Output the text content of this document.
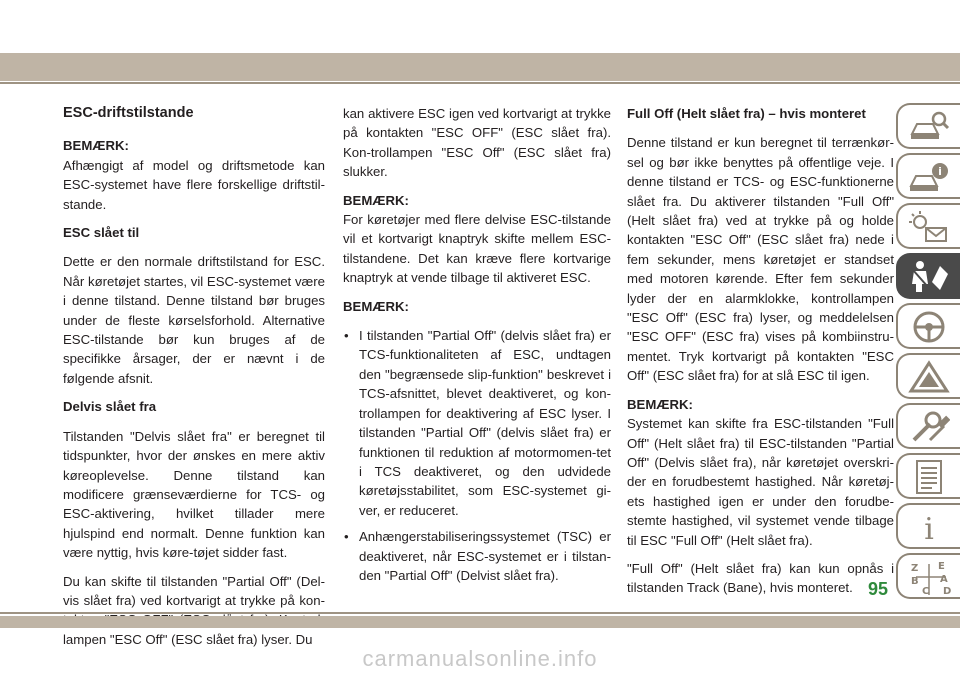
ESC-driftstilstande

BEMÆRK:
Afhængigt af model og driftsmetode kan ESC-systemet have flere forskellige driftstil-stande.

ESC slået til

Dette er den normale driftstilstand for ESC. Når køretøjet startes, vil ESC-systemet være i denne tilstand. Denne tilstand bør bruges under de fleste kørselsforhold. Alternative ESC-tilstande bør kun bruges af de specifikke årsager, der er nævnt i de følgende afsnit.

Delvis slået fra

Tilstanden "Delvis slået fra" er beregnet til tidspunkter, hvor der ønskes en mere aktiv køreoplevelse. Denne tilstand kan modificere grænseværdierne for TCS- og ESC-aktivering, hvilket tillader mere hjulspind end normalt. Denne funktion kan være nyttig, hvis køre-tøjet sidder fast.

Du kan skifte til tilstanden "Partial Off" (Del-vis slået fra) ved kortvarigt at trykke på kon- lampen "ESC Off" (ESC slået fra) lyser. Du

kan aktivere ESC igen ved kortvarigt at trykke på kontakten "ESC OFF" (ESC slået fra). Kon-trollampen "ESC Off" (ESC slået fra) slukker.

BEMÆRK:
For køretøjer med flere delvise ESC-tilstande vil et kortvarigt knaptryk skifte mellem ESC-tilstandene. Det kan kræve flere kortvarige knaptryk at vende tilbage til aktiveret ESC.

BEMÆRK:

• I tilstanden "Partial Off" (delvis slået fra) er TCS-funktionaliteten af ESC, undtagen den "begrænsede slip-funktion" beskrevet i TCS-afsnittet, blevet deaktiveret, og kon-trollampen for deaktivering af ESC lyser. I tilstanden "Partial Off" (delvis slået fra) er funktionen til reduktion af motormomen-tet i TCS deaktiveret, og den udvidede køretøjsstabilitet, som ESC-systemet gi-ver, er reduceret.
• Anhængerstabiliseringssystemet (TSC) er deaktiveret, når ESC-systemet er i tilstan-den "Partial Off" (Delvist slået fra).

Full Off (Helt slået fra) – hvis monteret

Denne tilstand er kun beregnet til terrænkør-sel og bør ikke benyttes på offentlige veje. I denne tilstand er TCS- og ESC-funktionerne slået fra. Du aktiverer tilstanden "Full Off" (Helt slået fra) ved at trykke på og holde kontakten "ESC Off" (ESC slået fra) nede i fem sekunder, mens køretøjet er standset med motoren kørende. Efter fem sekunder lyder der en alarmklokke, kontrollampen "ESC Off" (ESC fra) lyser, og meddelelsen "ESC OFF" (ESC fra) vises på kombiinstru-mentet. Tryk kortvarigt på kontakten "ESC Off" (ESC slået fra) for at slå ESC til igen.

BEMÆRK:
Systemet kan skifte fra ESC-tilstanden "Full Off" (Helt slået fra) til ESC-tilstanden "Partial Off" (Delvis slået fra), når køretøjet overskri-der en forudbestemt hastighed. Når køretøj-ets hastighed igen er under den forudbe-stemte hastighed, vil systemet vende tilbage til ESC "Full Off" (Helt slået fra).

"Full Off" (Helt slået fra) kan kun opnås i tilstanden Track (Bane), hvis monteret.

i
i
Z E
B A
C D
95
carmanualsonline.info
